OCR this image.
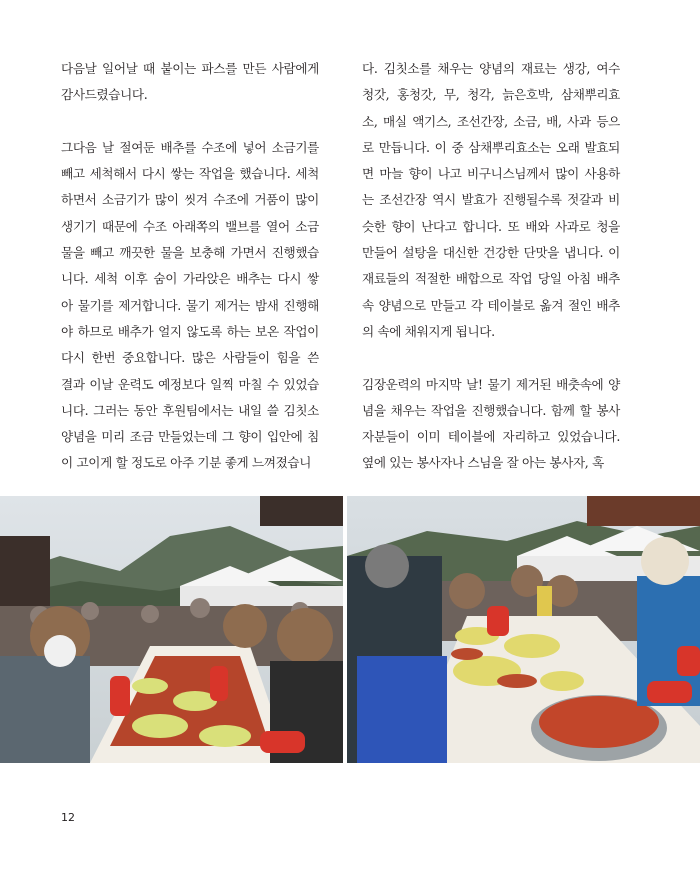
다음날 일어날 때 붙이는 파스를 만든 사람에게
감사드렸습니다.

그다음 날 절여둔 배추를 수조에 넣어 소금기를
빼고 세척해서 다시 쌓는 작업을 했습니다. 세척
하면서 소금기가 많이 씻겨 수조에 거품이 많이
생기기 때문에 수조 아래쪽의 밸브를 열어 소금
물을 빼고 깨끗한 물을 보충해 가면서 진행했습
니다. 세척 이후 숨이 가라앉은 배추는 다시 쌓
아 물기를 제거합니다. 물기 제거는 밤새 진행해
야 하므로 배추가 얼지 않도록 하는 보온 작업이
다시 한번 중요합니다. 많은 사람들이 힘을 쓴
결과 이날 운력도 예정보다 일찍 마칠 수 있었습
니다. 그러는 동안 후원팀에서는 내일 쓸 김칫소
양념을 미리 조금 만들었는데 그 향이 입안에 침
이 고이게 할 정도로 아주 기분 좋게 느껴졌습니

다. 김칫소를 채우는 양념의 재료는 생강, 여수
청갓, 홍청갓, 무, 청각, 늙은호박, 삼채뿌리효
소, 매실 액기스, 조선간장, 소금, 배, 사과 등으
로 만듭니다. 이 중 삼채뿌리효소는 오래 발효되
면 마늘 향이 나고 비구니스님께서 많이 사용하
는 조선간장 역시 발효가 진행될수록 젓갈과 비
슷한 향이 난다고 합니다. 또 배와 사과로 청을
만들어 설탕을 대신한 건강한 단맛을 냅니다. 이
재료들의 적절한 배합으로 작업 당일 아침 배추
속 양념으로 만들고 각 테이블로 옮겨 절인 배추
의 속에 채워지게 됩니다.

김장운력의 마지막 날! 물기 제거된 배춧속에 양
념을 채우는 작업을 진행했습니다. 함께 할 봉사
자분들이 이미 테이블에 자리하고 있었습니다.
옆에 있는 봉사자나 스님을 잘 아는 봉사자, 혹

12
